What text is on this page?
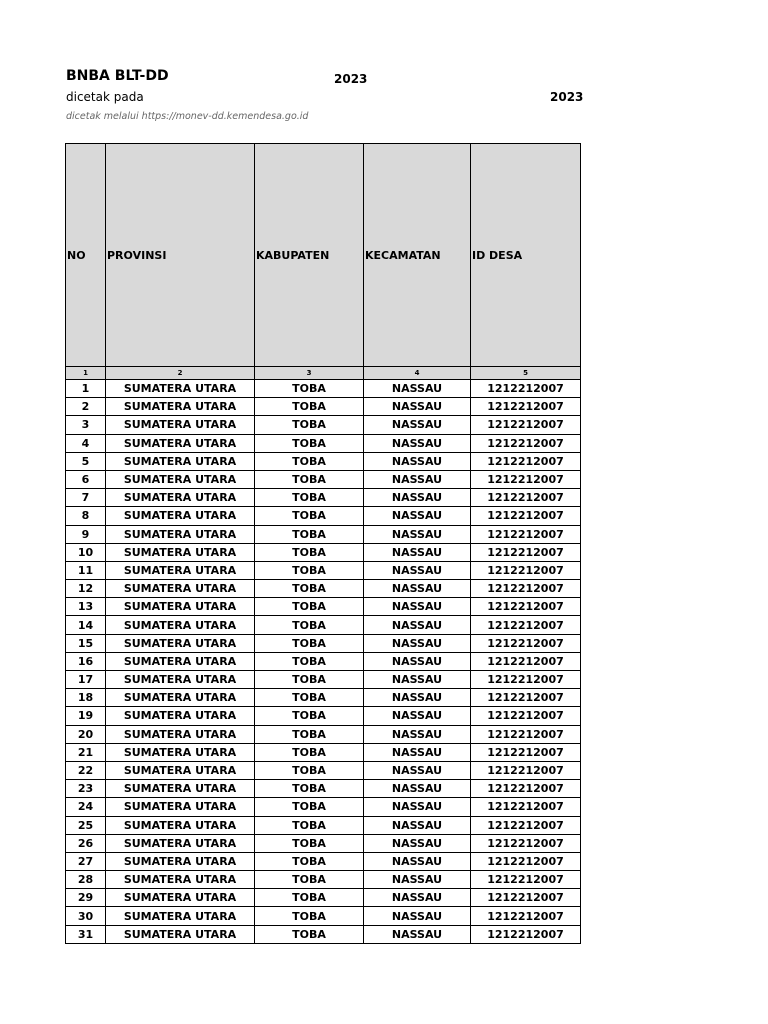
BNBA BLT-DD	2023
dicetak pada	2023
dicetak melalui https://monev-dd.kemendesa.go.id
NO	PROVINSI	KABUPATEN	KECAMATAN	ID DESA
1	2	3	4	5
1	SUMATERA UTARA	TOBA	NASSAU	1212212007
2	SUMATERA UTARA	TOBA	NASSAU	1212212007
3	SUMATERA UTARA	TOBA	NASSAU	1212212007
4	SUMATERA UTARA	TOBA	NASSAU	1212212007
5	SUMATERA UTARA	TOBA	NASSAU	1212212007
6	SUMATERA UTARA	TOBA	NASSAU	1212212007
7	SUMATERA UTARA	TOBA	NASSAU	1212212007
8	SUMATERA UTARA	TOBA	NASSAU	1212212007
9	SUMATERA UTARA	TOBA	NASSAU	1212212007
10	SUMATERA UTARA	TOBA	NASSAU	1212212007
11	SUMATERA UTARA	TOBA	NASSAU	1212212007
12	SUMATERA UTARA	TOBA	NASSAU	1212212007
13	SUMATERA UTARA	TOBA	NASSAU	1212212007
14	SUMATERA UTARA	TOBA	NASSAU	1212212007
15	SUMATERA UTARA	TOBA	NASSAU	1212212007
16	SUMATERA UTARA	TOBA	NASSAU	1212212007
17	SUMATERA UTARA	TOBA	NASSAU	1212212007
18	SUMATERA UTARA	TOBA	NASSAU	1212212007
19	SUMATERA UTARA	TOBA	NASSAU	1212212007
20	SUMATERA UTARA	TOBA	NASSAU	1212212007
21	SUMATERA UTARA	TOBA	NASSAU	1212212007
22	SUMATERA UTARA	TOBA	NASSAU	1212212007
23	SUMATERA UTARA	TOBA	NASSAU	1212212007
24	SUMATERA UTARA	TOBA	NASSAU	1212212007
25	SUMATERA UTARA	TOBA	NASSAU	1212212007
26	SUMATERA UTARA	TOBA	NASSAU	1212212007
27	SUMATERA UTARA	TOBA	NASSAU	1212212007
28	SUMATERA UTARA	TOBA	NASSAU	1212212007
29	SUMATERA UTARA	TOBA	NASSAU	1212212007
30	SUMATERA UTARA	TOBA	NASSAU	1212212007
31	SUMATERA UTARA	TOBA	NASSAU	1212212007
